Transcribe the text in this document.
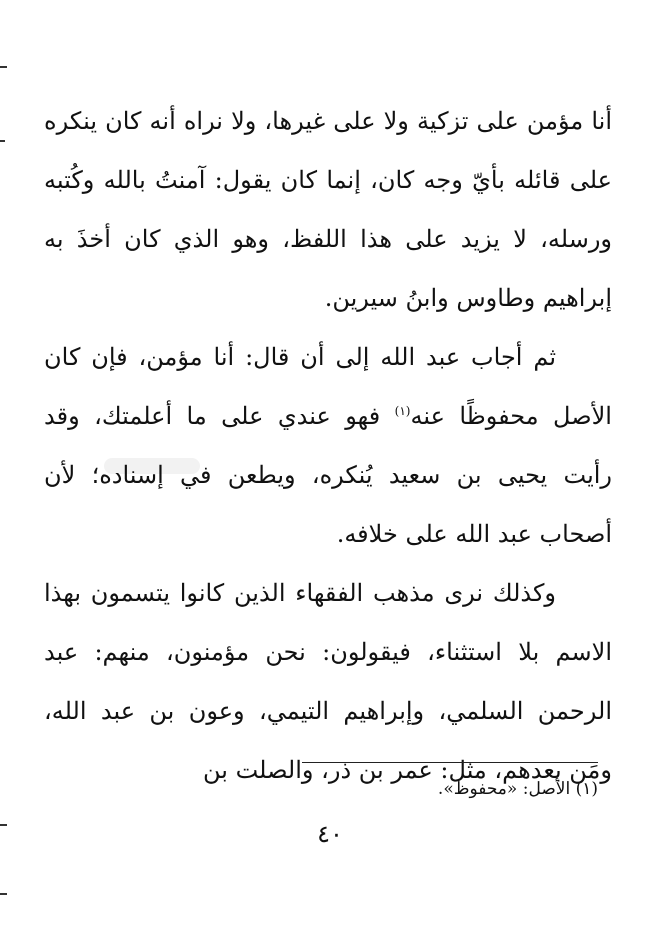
أنا مؤمن على تزكية ولا على غيرها، ولا نراه أنه كان ينكره على قائله بأيّ وجه كان، إنما كان يقول: آمنتُ بالله وكُتبه ورسله، لا يزيد على هذا اللفظ، وهو الذي كان أخذَ به إبراهيم وطاوس وابنُ سيرين.

ثم أجاب عبد الله إلى أن قال: أنا مؤمن، فإن كان الأصل محفوظًا عنه$^{(١)}$ فهو عندي على ما أعلمتك، وقد رأيت يحيى بن سعيد يُنكره، ويطعن في إسناده؛ لأن أصحاب عبد الله على خلافه.

وكذلك نرى مذهب الفقهاء الذين كانوا يتسمون بهذا الاسم بلا استثناء، فيقولون: نحن مؤمنون، منهم: عبد الرحمن السلمي، وإبراهيم التيمي، وعون بن عبد الله، ومَن بعدهم، مثل: عمر بن ذر، والصلت بن

(١) الأصل: «محفوظ».
٤٠
